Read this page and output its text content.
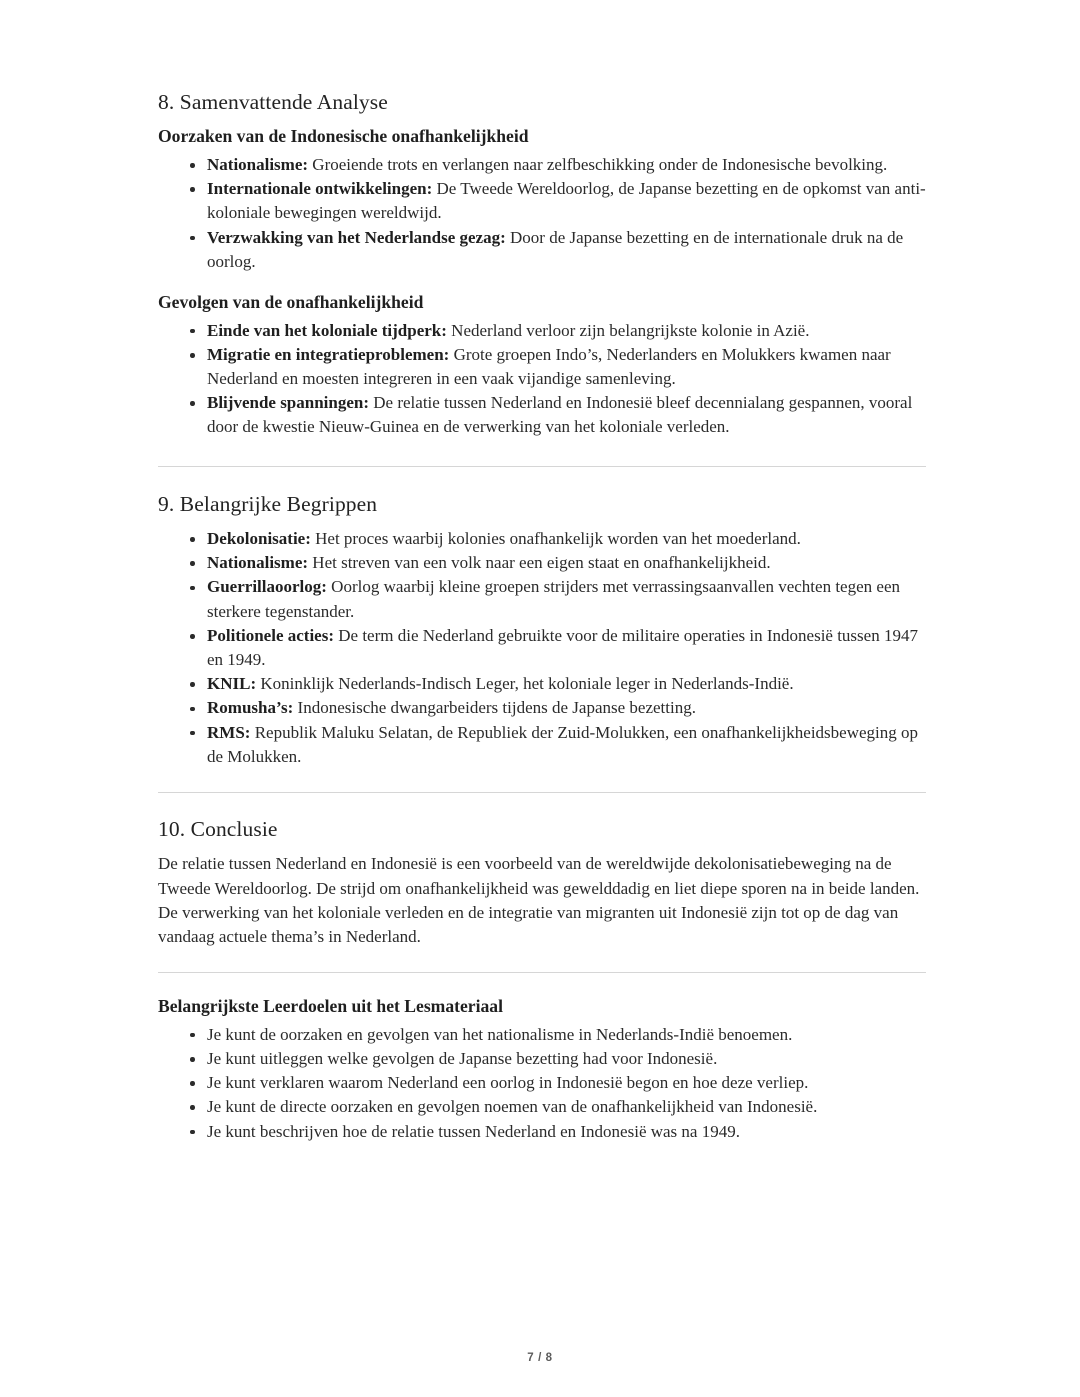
8. Samenvattende Analyse
Oorzaken van de Indonesische onafhankelijkheid
Nationalisme: Groeiende trots en verlangen naar zelfbeschikking onder de Indonesische bevolking.
Internationale ontwikkelingen: De Tweede Wereldoorlog, de Japanse bezetting en de opkomst van anti-koloniale bewegingen wereldwijd.
Verzwakking van het Nederlandse gezag: Door de Japanse bezetting en de internationale druk na de oorlog.
Gevolgen van de onafhankelijkheid
Einde van het koloniale tijdperk: Nederland verloor zijn belangrijkste kolonie in Azië.
Migratie en integratieproblemen: Grote groepen Indo’s, Nederlanders en Molukkers kwamen naar Nederland en moesten integreren in een vaak vijandige samenleving.
Blijvende spanningen: De relatie tussen Nederland en Indonesië bleef decennialang gespannen, vooral door de kwestie Nieuw-Guinea en de verwerking van het koloniale verleden.
9. Belangrijke Begrippen
Dekolonisatie: Het proces waarbij kolonies onafhankelijk worden van het moederland.
Nationalisme: Het streven van een volk naar een eigen staat en onafhankelijkheid.
Guerrillaoorlog: Oorlog waarbij kleine groepen strijders met verrassingsaanvallen vechten tegen een sterkere tegenstander.
Politionele acties: De term die Nederland gebruikte voor de militaire operaties in Indonesië tussen 1947 en 1949.
KNIL: Koninklijk Nederlands-Indisch Leger, het koloniale leger in Nederlands-Indië.
Romusha’s: Indonesische dwangarbeiders tijdens de Japanse bezetting.
RMS: Republik Maluku Selatan, de Republiek der Zuid-Molukken, een onafhankelijkheidsbeweging op de Molukken.
10. Conclusie

De relatie tussen Nederland en Indonesië is een voorbeeld van de wereldwijde dekolonisatiebeweging na de Tweede Wereldoorlog. De strijd om onafhankelijkheid was gewelddadig en liet diepe sporen na in beide landen. De verwerking van het koloniale verleden en de integratie van migranten uit Indonesië zijn tot op de dag van vandaag actuele thema’s in Nederland.

Belangrijkste Leerdoelen uit het Lesmateriaal
Je kunt de oorzaken en gevolgen van het nationalisme in Nederlands-Indië benoemen.
Je kunt uitleggen welke gevolgen de Japanse bezetting had voor Indonesië.
Je kunt verklaren waarom Nederland een oorlog in Indonesië begon en hoe deze verliep.
Je kunt de directe oorzaken en gevolgen noemen van de onafhankelijkheid van Indonesië.
Je kunt beschrijven hoe de relatie tussen Nederland en Indonesië was na 1949.
7 / 8
